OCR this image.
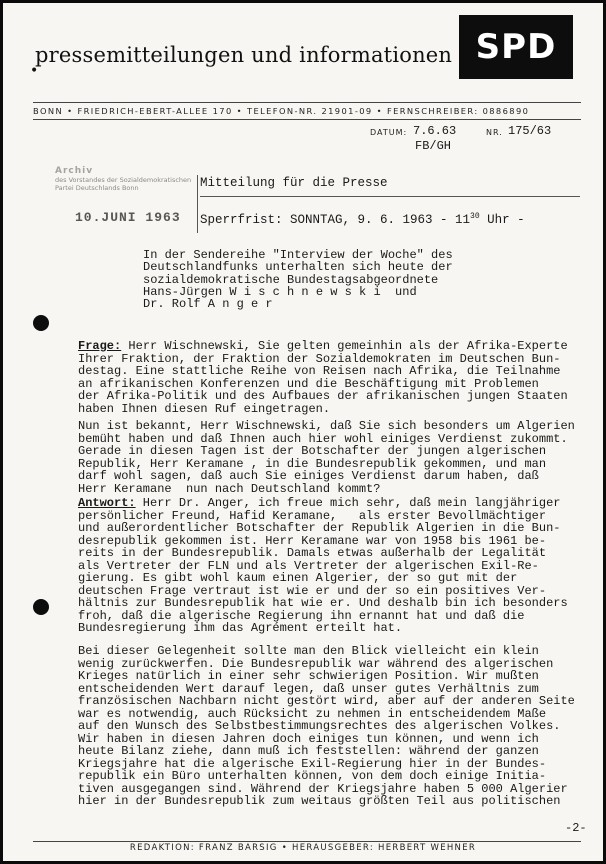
•
pressemitteilungen und informationen SPD
BONN • FRIEDRICH-EBERT-ALLEE 170 • TELEFON-NR. 21901-09 • FERNSCHREIBER: 0886890
DATUM: 7.6.63	NR. 175/63
FB/GH
Archiv
des Vorstandes der Sozialdemokratischen
Partei Deutschlands Bonn
10.JUNI 1963
Mitteilung für die Presse
Sperrfrist: SONNTAG, 9. 6. $1963 - 11^{30}$ Uhr -
In der Sendereihe "Interview der Woche" des
Deutschlandfunks unterhalten sich heute der
sozialdemokratische Bundestagsabgeordnete
Hans-Jürgen W i s c h n e w s k i  und
Dr. Rolf A n g e r
Frage: Herr Wischnewski, Sie gelten gemeinhin als der Afrika-Experte
Ihrer Fraktion, der Fraktion der Sozialdemokraten im Deutschen Bun-
destag. Eine stattliche Reihe von Reisen nach Afrika, die Teilnahme
an afrikanischen Konferenzen und die Beschäftigung mit Problemen
der Afrika-Politik und des Aufbaues der afrikanischen jungen Staaten
haben Ihnen diesen Ruf eingetragen.
Nun ist bekannt, Herr Wischnewski, daß Sie sich besonders um Algerien
bemüht haben und daß Ihnen auch hier wohl einiges Verdienst zukommt.
Gerade in diesen Tagen ist der Botschafter der jungen algerischen
Republik, Herr Keramane , in die Bundesrepublik gekommen, und man
darf wohl sagen, daß auch Sie einiges Verdienst darum haben, daß
Herr Keramane  nun nach Deutschland kommt?
Antwort: Herr Dr. Anger, ich freue mich sehr, daß mein langjähriger
persönlicher Freund, Hafid Keramane,   als erster Bevollmächtiger
und außerordentlicher Botschafter der Republik Algerien in die Bun-
desrepublik gekommen ist. Herr Keramane war von 1958 bis 1961 be-
reits in der Bundesrepublik. Damals etwas außerhalb der Legalität
als Vertreter der FLN und als Vertreter der algerischen Exil-Re-
gierung. Es gibt wohl kaum einen Algerier, der so gut mit der
deutschen Frage vertraut ist wie er und der so ein positives Ver-
hältnis zur Bundesrepublik hat wie er. Und deshalb bin ich besonders
froh, daß die algerische Regierung ihn ernannt hat und daß die
Bundesregierung ihm das Agrément erteilt hat.
Bei dieser Gelegenheit sollte man den Blick vielleicht ein klein
wenig zurückwerfen. Die Bundesrepublik war während des algerischen
Krieges natürlich in einer sehr schwierigen Position. Wir mußten
entscheidenden Wert darauf legen, daß unser gutes Verhältnis zum
französischen Nachbarn nicht gestört wird, aber auf der anderen Seite
war es notwendig, auch Rücksicht zu nehmen in entscheidendem Maße
auf den Wunsch des Selbstbestimmungsrechtes des algerischen Volkes.
Wir haben in diesen Jahren doch einiges tun können, und wenn ich
heute Bilanz ziehe, dann muß ich feststellen: während der ganzen
Kriegsjahre hat die algerische Exil-Regierung hier in der Bundes-
republik ein Büro unterhalten können, von dem doch einige Initia-
tiven ausgegangen sind. Während der Kriegsjahre haben 5 000 Algerier
hier in der Bundesrepublik zum weitaus größten Teil aus politischen
-2-
REDAKTION: FRANZ BARSIG • HERAUSGEBER: HERBERT WEHNER
